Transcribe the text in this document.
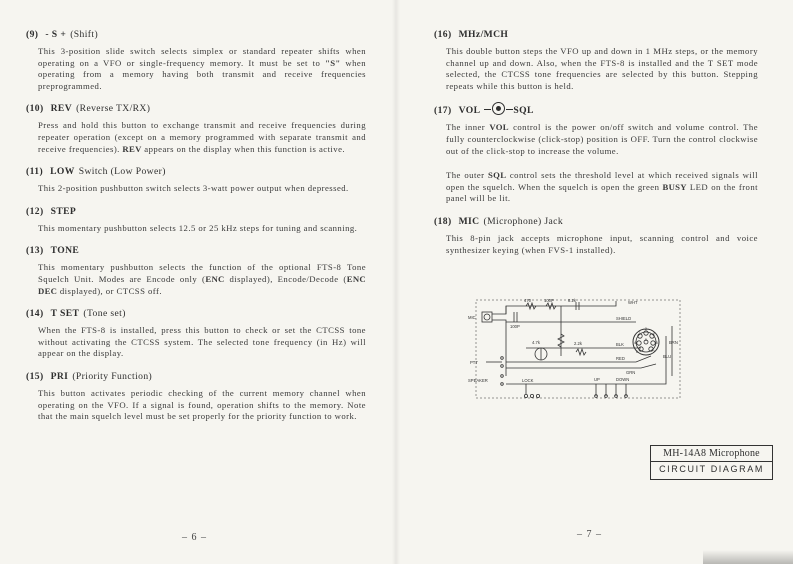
(9) - S + (Shift)

This 3-position slide switch selects simplex or standard repeater shifts when operating on a VFO or single-frequency memory. It must be set to "S" when operating from a memory having both transmit and receive frequencies preprogrammed.

(10) REV (Reverse TX/RX)

Press and hold this button to exchange transmit and receive frequencies during repeater operation (except on a memory programmed with separate transmit and receive frequencies). REV appears on the display when this function is active.

(11) LOW Switch (Low Power)

This 2-position pushbutton switch selects 3-watt power output when depressed.

(12) STEP

This momentary pushbutton selects 12.5 or 25 kHz steps for tuning and scanning.

(13) TONE

This momentary pushbutton selects the function of the optional FTS-8 Tone Squelch Unit. Modes are Encode only (ENC displayed), Encode/Decode (ENC DEC displayed), or CTCSS off.

(14) T SET (Tone set)

When the FTS-8 is installed, press this button to check or set the CTCSS tone without activating the CTCSS system. The selected tone frequency (in Hz) will appear on the display.

(15) PRI (Priority Function)

This button activates periodic checking of the current memory channel when operating on the VFO. If a signal is found, operation shifts to the memory. Note that the main squelch level must be set properly for the priority function to work.

– 6 –
(16) MHz/MCH

This double button steps the VFO up and down in 1 MHz steps, or the memory channel up and down. Also, when the FTS-8 is installed and the T SET mode selected, the CTCSS tone frequencies are selected by this button. Stepping repeats while this button is held.

(17) VOL	SQL

The inner VOL control is the power on/off switch and volume control. The fully counterclockwise (click-stop) position is OFF. Turn the control clockwise out of the click-stop to increase the volume.

The outer SQL control sets the threshold level at which received signals will open the squelch. When the squelch is open the green BUSY LED on the front panel will be lit.

(18) MIC (Microphone) Jack

This 8-pin jack accepts microphone input, scanning control and voice synthesizer keying (when FVS-1 installed).

MIC
PTT
SPEAKER	LOCK	UP	DOWN
WHT
SHIELD
BLK
RED
GRN
BLU
BRN
470	100P	8.2k
100P
2.2k
4.7k
1
2
3
4	5
6	7
8
MH-14A8 Microphone
CIRCUIT DIAGRAM
– 7 –
